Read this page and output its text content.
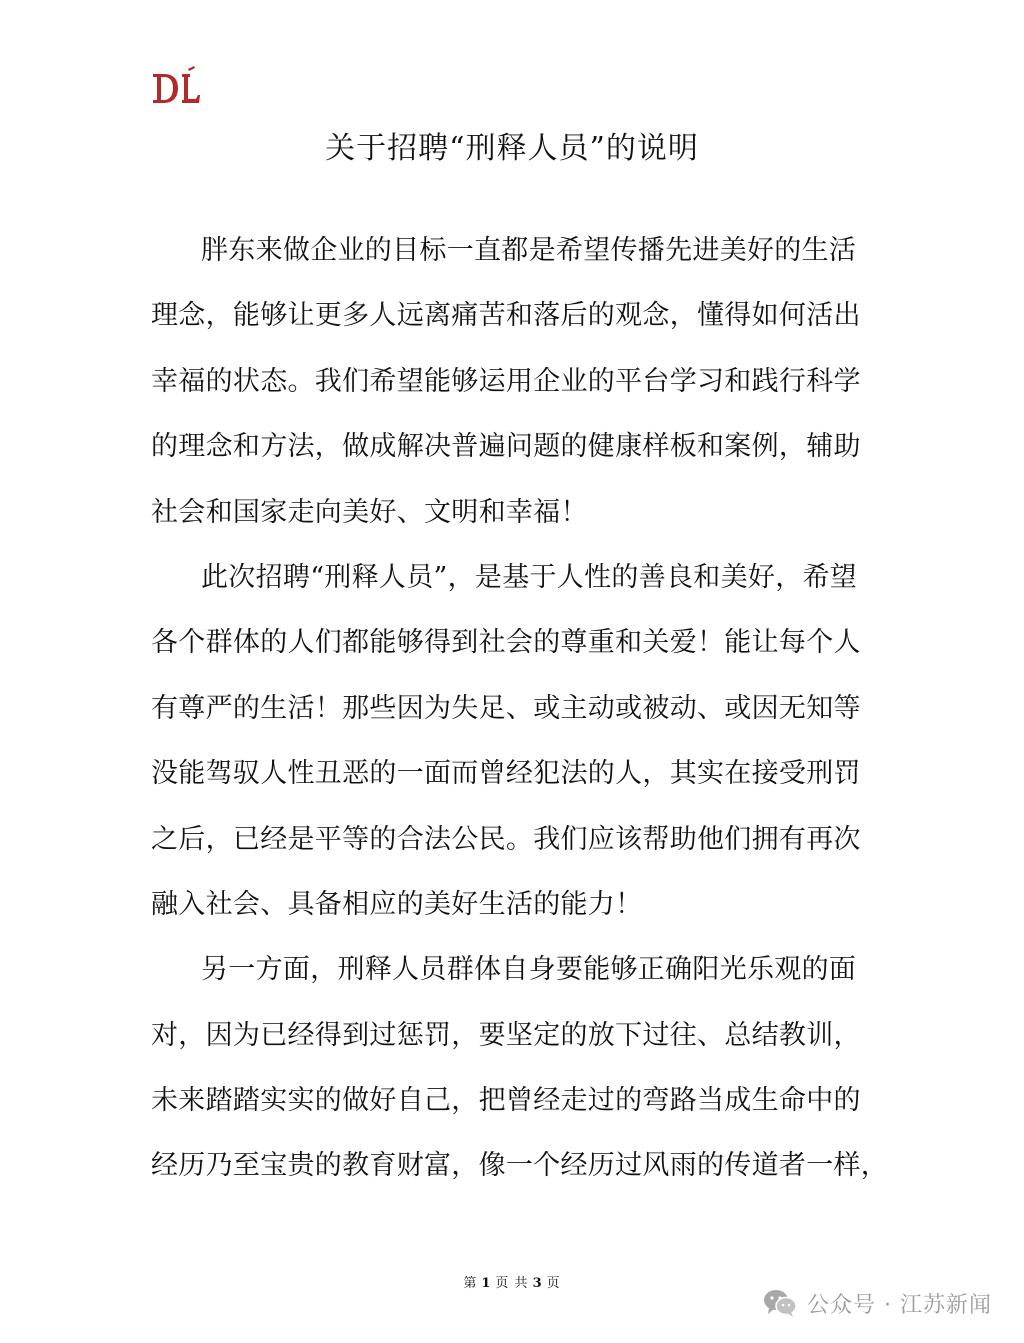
关于招聘“刑释人员”的说明
胖东来做企业的目标一直都是希望传播先进美好的生活
理念，能够让更多人远离痛苦和落后的观念，懂得如何活出
幸福的状态。我们希望能够运用企业的平台学习和践行科学
的理念和方法，做成解决普遍问题的健康样板和案例，辅助
社会和国家走向美好、文明和幸福！
此次招聘“刑释人员”，是基于人性的善良和美好，希望
各个群体的人们都能够得到社会的尊重和关爱！能让每个人
有尊严的生活！那些因为失足、或主动或被动、或因无知等
没能驾驭人性丑恶的一面而曾经犯法的人，其实在接受刑罚
之后，已经是平等的合法公民。我们应该帮助他们拥有再次
融入社会、具备相应的美好生活的能力！
另一方面，刑释人员群体自身要能够正确阳光乐观的面
对，因为已经得到过惩罚，要坚定的放下过往、总结教训，
未来踏踏实实的做好自己，把曾经走过的弯路当成生命中的
经历乃至宝贵的教育财富，像一个经历过风雨的传道者一样，
第 1 页 共 3 页
公众号 · 江苏新闻
